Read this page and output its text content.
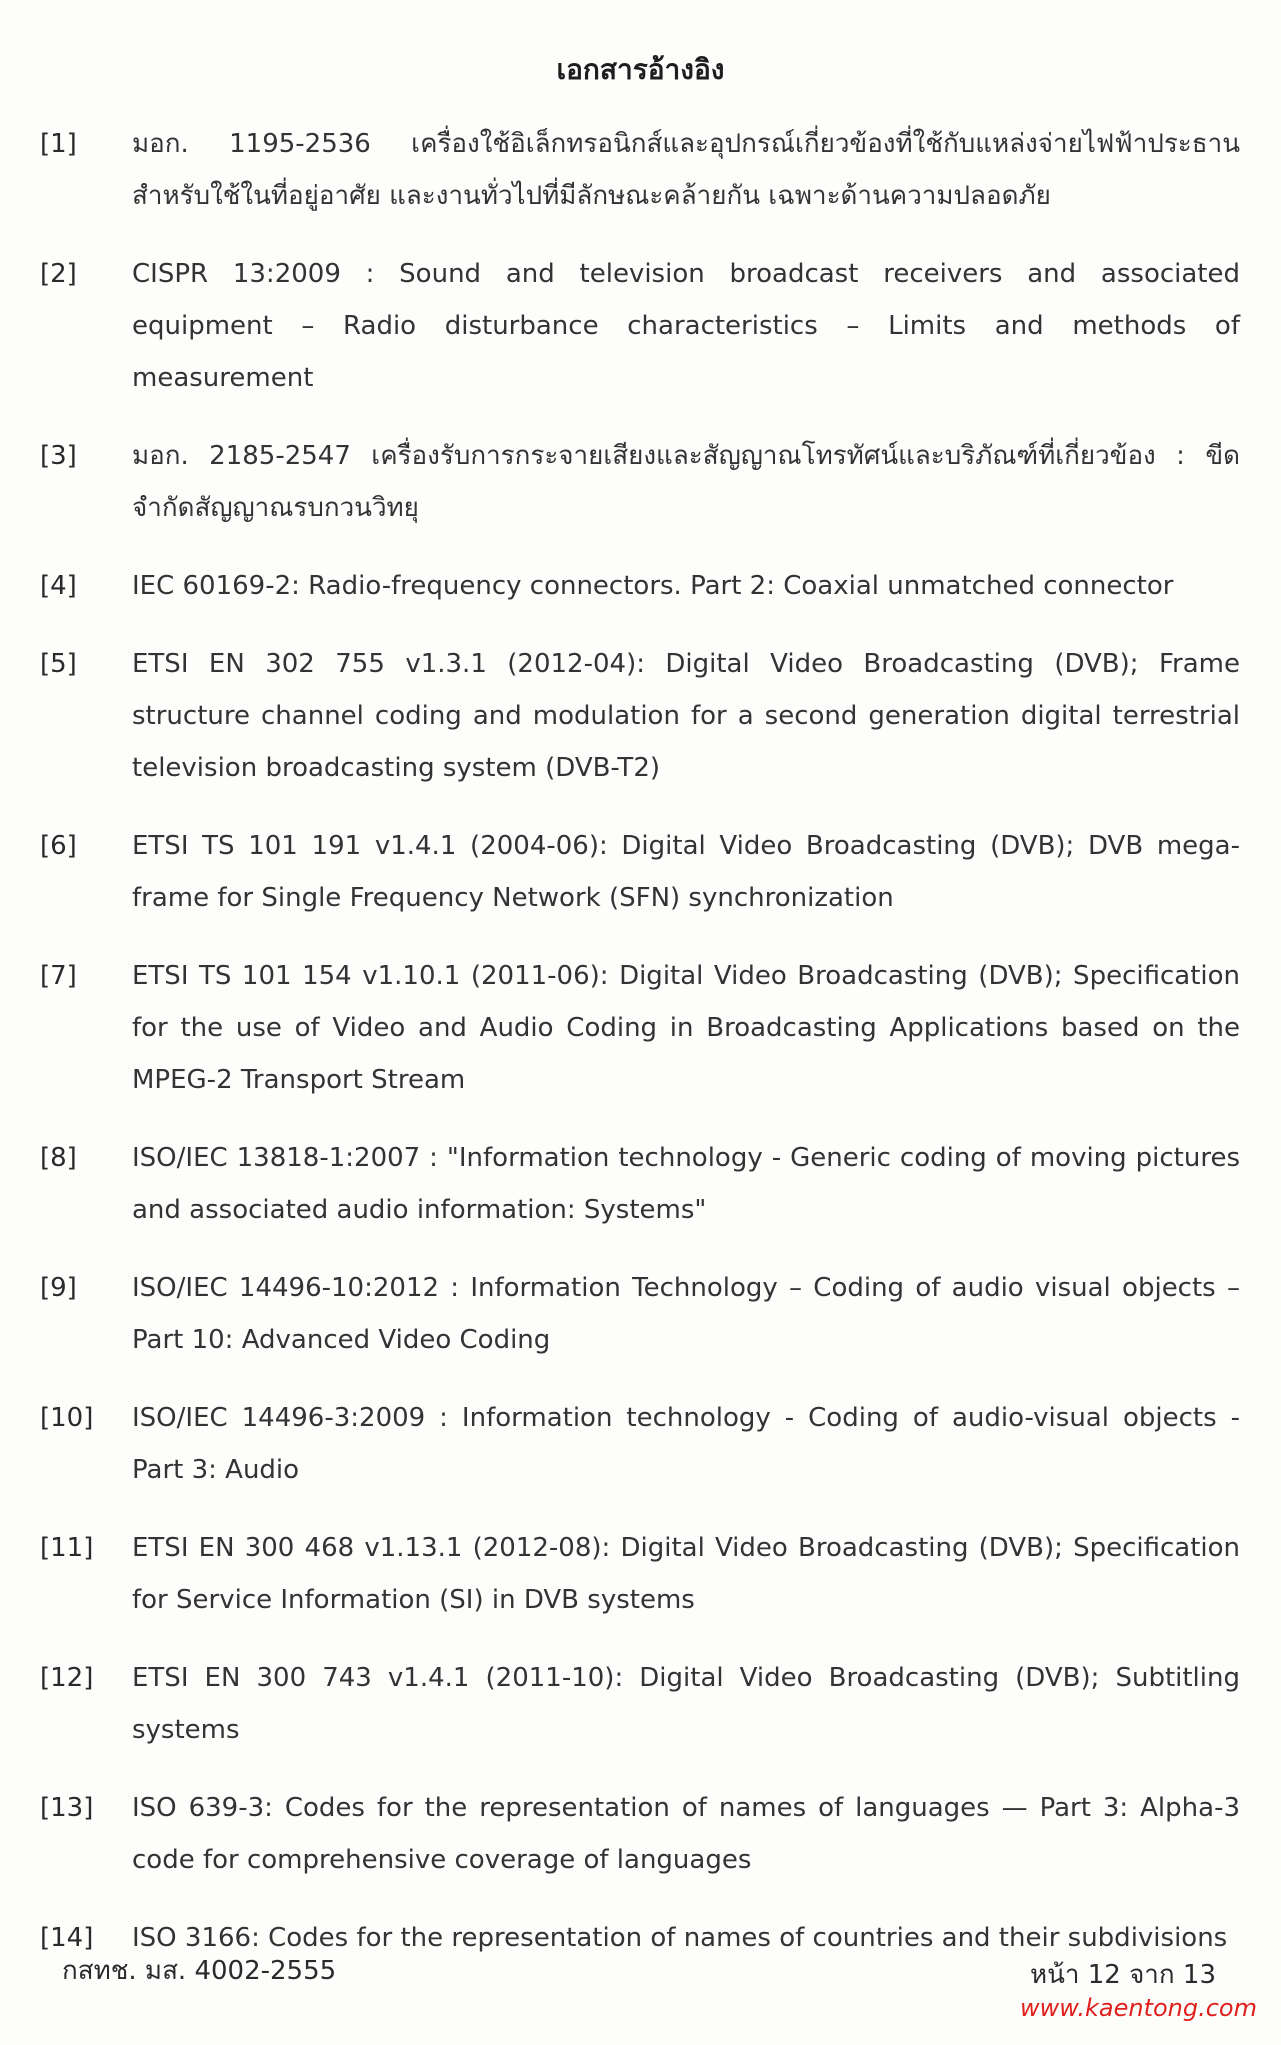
เอกสารอ้างอิง
[1]	มอก. 1195-2536 เครื่องใช้อิเล็กทรอนิกส์และอุปกรณ์เกี่ยวข้องที่ใช้กับแหล่งจ่ายไฟฟ้าประธาน สำหรับใช้ในที่อยู่อาศัย และงานทั่วไปที่มีลักษณะคล้ายกัน เฉพาะด้านความปลอดภัย
[2]	CISPR 13:2009 : Sound and television broadcast receivers and associated equipment – Radio disturbance characteristics – Limits and methods of measurement
[3]	มอก. 2185-2547 เครื่องรับการกระจายเสียงและสัญญาณโทรทัศน์และบริภัณฑ์ที่เกี่ยวข้อง : ขีดจำกัดสัญญาณรบกวนวิทยุ
[4]	IEC 60169-2: Radio-frequency connectors. Part 2: Coaxial unmatched connector
[5]	ETSI EN 302 755 v1.3.1 (2012-04): Digital Video Broadcasting (DVB); Frame structure channel coding and modulation for a second generation digital terrestrial television broadcasting system (DVB-T2)
[6]	ETSI TS 101 191 v1.4.1 (2004-06): Digital Video Broadcasting (DVB); DVB mega-frame for Single Frequency Network (SFN) synchronization
[7]	ETSI TS 101 154 v1.10.1 (2011-06): Digital Video Broadcasting (DVB); Specification for the use of Video and Audio Coding in Broadcasting Applications based on the MPEG-2 Transport Stream
[8]	ISO/IEC 13818-1:2007 : "Information technology - Generic coding of moving pictures and associated audio information: Systems"
[9]	ISO/IEC 14496-10:2012 : Information Technology – Coding of audio visual objects – Part 10: Advanced Video Coding
[10]	ISO/IEC 14496-3:2009 : Information technology - Coding of audio-visual objects - Part 3: Audio
[11]	ETSI EN 300 468 v1.13.1 (2012-08): Digital Video Broadcasting (DVB); Specification for Service Information (SI) in DVB systems
[12]	ETSI EN 300 743 v1.4.1 (2011-10): Digital Video Broadcasting (DVB); Subtitling systems
[13]	ISO 639-3: Codes for the representation of names of languages — Part 3: Alpha-3 code for comprehensive coverage of languages
[14]	ISO 3166: Codes for the representation of names of countries and their subdivisions
กสทช. มส. 4002-2555	หน้า 12 จาก 13
www.kaentong.com
